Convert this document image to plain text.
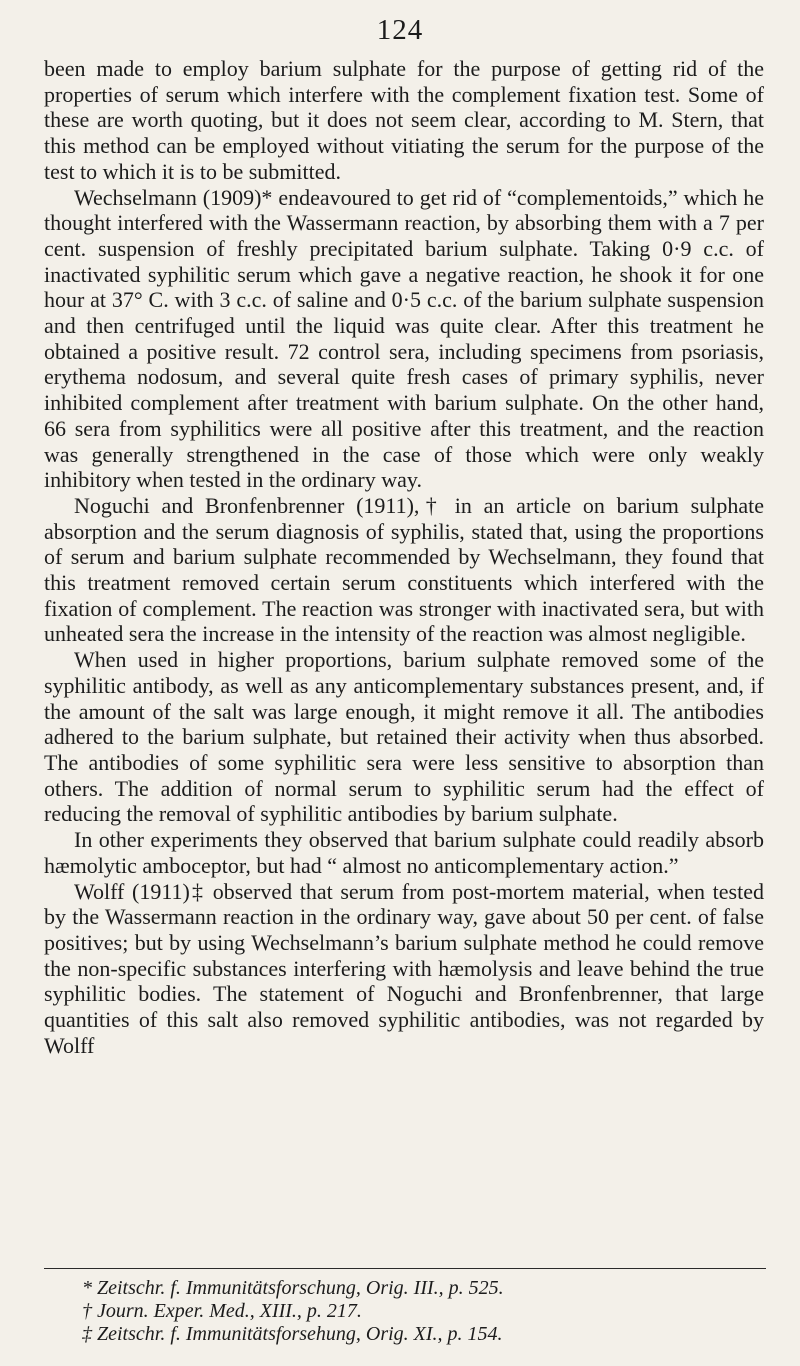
124

been made to employ barium sulphate for the purpose of getting rid of the properties of serum which interfere with the complement fixation test. Some of these are worth quoting, but it does not seem clear, according to M. Stern, that this method can be employed without vitiating the serum for the purpose of the test to which it is to be submitted.

Wechselmann (1909)* endeavoured to get rid of “complementoids,” which he thought interfered with the Wassermann reaction, by absorbing them with a 7 per cent. suspension of freshly precipitated barium sulphate. Taking 0·9 c.c. of inactivated syphilitic serum which gave a negative reaction, he shook it for one hour at 37° C. with 3 c.c. of saline and 0·5 c.c. of the barium sulphate suspension and then centrifuged until the liquid was quite clear. After this treatment he obtained a positive result. 72 control sera, including specimens from psoriasis, erythema nodosum, and several quite fresh cases of primary syphilis, never inhibited complement after treatment with barium sulphate. On the other hand, 66 sera from syphilitics were all positive after this treatment, and the reaction was generally strengthened in the case of those which were only weakly inhibitory when tested in the ordinary way.

Noguchi and Bronfenbrenner (1911),† in an article on barium sulphate absorption and the serum diagnosis of syphilis, stated that, using the proportions of serum and barium sulphate recommended by Wechselmann, they found that this treatment removed certain serum constituents which interfered with the fixation of complement. The reaction was stronger with inactivated sera, but with unheated sera the increase in the intensity of the reaction was almost negligible.

When used in higher proportions, barium sulphate removed some of the syphilitic antibody, as well as any anticomplementary substances present, and, if the amount of the salt was large enough, it might remove it all. The antibodies adhered to the barium sulphate, but retained their activity when thus absorbed. The antibodies of some syphilitic sera were less sensitive to absorption than others. The addition of normal serum to syphilitic serum had the effect of reducing the removal of syphilitic antibodies by barium sulphate.

In other experiments they observed that barium sulphate could readily absorb hæmolytic amboceptor, but had “ almost no anticomplementary action.”

Wolff (1911)‡ observed that serum from post-mortem material, when tested by the Wassermann reaction in the ordinary way, gave about 50 per cent. of false positives; but by using Wechselmann’s barium sulphate method he could remove the non-specific substances interfering with hæmolysis and leave behind the true syphilitic bodies. The statement of Noguchi and Bronfenbrenner, that large quantities of this salt also removed syphilitic antibodies, was not regarded by Wolff

* Zeitschr. f. Immunitätsforschung, Orig. III., p. 525.
† Journ. Exper. Med., XIII., p. 217.
‡ Zeitschr. f. Immunitätsforsehung, Orig. XI., p. 154.
